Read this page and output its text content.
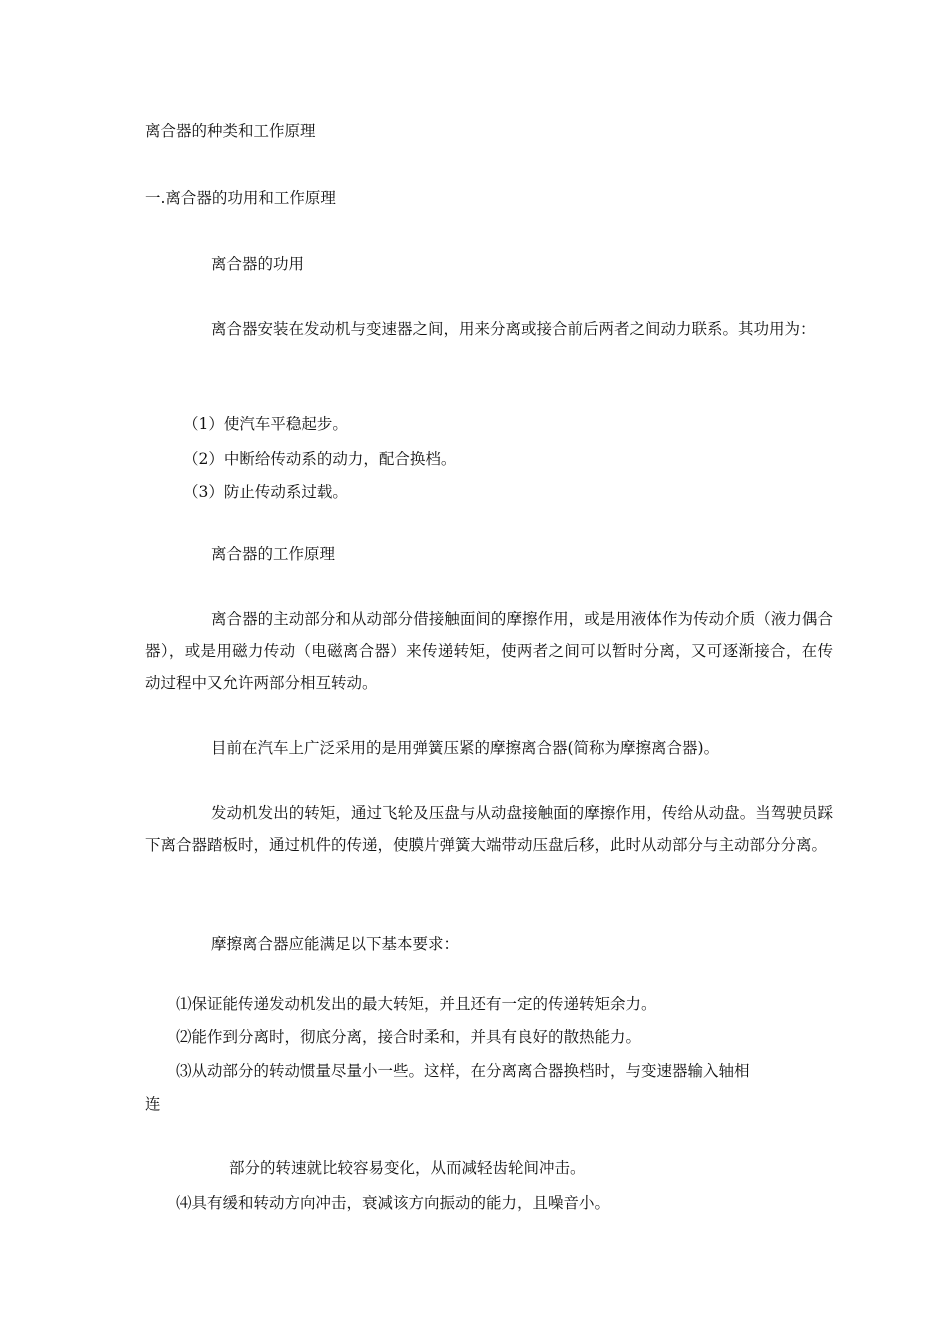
离合器的种类和工作原理

一.离合器的功用和工作原理

离合器的功用

离合器安装在发动机与变速器之间，用来分离或接合前后两者之间动力联系。其功用为：

（1）使汽车平稳起步。

（2）中断给传动系的动力，配合换档。

（3）防止传动系过载。

离合器的工作原理

离合器的主动部分和从动部分借接触面间的摩擦作用，或是用液体作为传动介质（液力偶合器），或是用磁力传动（电磁离合器）来传递转矩，使两者之间可以暂时分离，又可逐渐接合，在传动过程中又允许两部分相互转动。

目前在汽车上广泛采用的是用弹簧压紧的摩擦离合器(简称为摩擦离合器)。

发动机发出的转矩，通过飞轮及压盘与从动盘接触面的摩擦作用，传给从动盘。当驾驶员踩下离合器踏板时，通过机件的传递，使膜片弹簧大端带动压盘后移，此时从动部分与主动部分分离。

摩擦离合器应能满足以下基本要求：

⑴保证能传递发动机发出的最大转矩，并且还有一定的传递转矩余力。

⑵能作到分离时，彻底分离，接合时柔和，并具有良好的散热能力。

⑶从动部分的转动惯量尽量小一些。这样，在分离离合器换档时，与变速器输入轴相

连

部分的转速就比较容易变化，从而减轻齿轮间冲击。

⑷具有缓和转动方向冲击，衰减该方向振动的能力，且噪音小。
